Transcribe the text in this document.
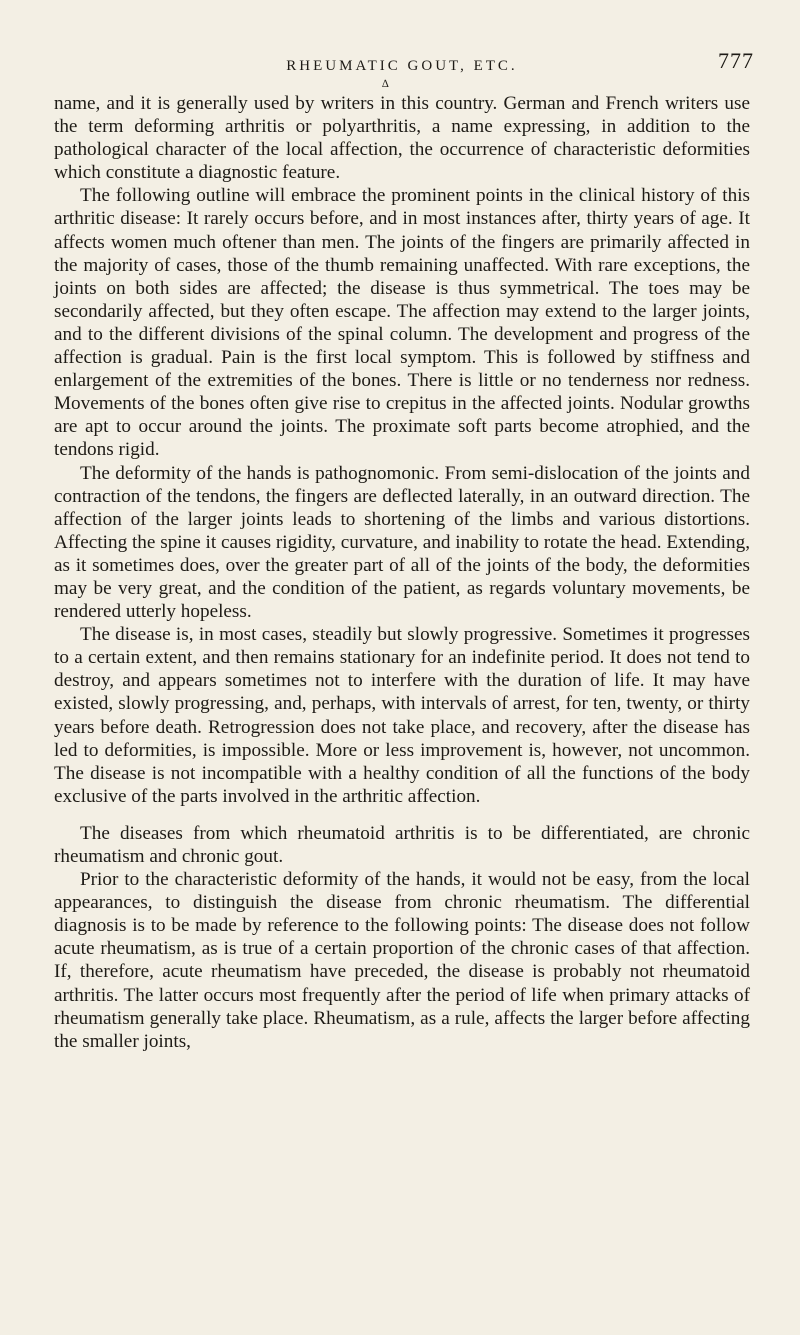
RHEUMATIC GOUT, ETC.	777
∆

name, and it is generally used by writers in this country. German and French writers use the term deforming arthritis or polyarthritis, a name expressing, in addition to the pathological character of the local affection, the occurrence of characteristic deformities which constitute a diagnostic feature.

The following outline will embrace the prominent points in the clinical history of this arthritic disease: It rarely occurs before, and in most instances after, thirty years of age. It affects women much oftener than men. The joints of the fingers are primarily affected in the majority of cases, those of the thumb remaining unaffected. With rare exceptions, the joints on both sides are affected; the disease is thus symmetrical. The toes may be secondarily affected, but they often escape. The affection may extend to the larger joints, and to the different divisions of the spinal column. The development and progress of the affection is gradual. Pain is the first local symptom. This is followed by stiffness and enlargement of the extremities of the bones. There is little or no tenderness nor redness. Movements of the bones often give rise to crepitus in the affected joints. Nodular growths are apt to occur around the joints. The proximate soft parts become atrophied, and the tendons rigid.

The deformity of the hands is pathognomonic. From semi-dislocation of the joints and contraction of the tendons, the fingers are deflected laterally, in an outward direction. The affection of the larger joints leads to shortening of the limbs and various distortions. Affecting the spine it causes rigidity, curvature, and inability to rotate the head. Extending, as it sometimes does, over the greater part of all of the joints of the body, the deformities may be very great, and the condition of the patient, as regards voluntary movements, be rendered utterly hopeless.

The disease is, in most cases, steadily but slowly progressive. Sometimes it progresses to a certain extent, and then remains stationary for an indefinite period. It does not tend to destroy, and appears sometimes not to interfere with the duration of life. It may have existed, slowly progressing, and, perhaps, with intervals of arrest, for ten, twenty, or thirty years before death. Retrogression does not take place, and recovery, after the disease has led to deformities, is impossible. More or less improvement is, however, not uncommon. The disease is not incompatible with a healthy condition of all the functions of the body exclusive of the parts involved in the arthritic affection.

The diseases from which rheumatoid arthritis is to be differentiated, are chronic rheumatism and chronic gout.

Prior to the characteristic deformity of the hands, it would not be easy, from the local appearances, to distinguish the disease from chronic rheumatism. The differential diagnosis is to be made by reference to the following points: The disease does not follow acute rheumatism, as is true of a certain proportion of the chronic cases of that affection. If, therefore, acute rheumatism have preceded, the disease is probably not rheumatoid arthritis. The latter occurs most frequently after the period of life when primary attacks of rheumatism generally take place. Rheumatism, as a rule, affects the larger before affecting the smaller joints,
